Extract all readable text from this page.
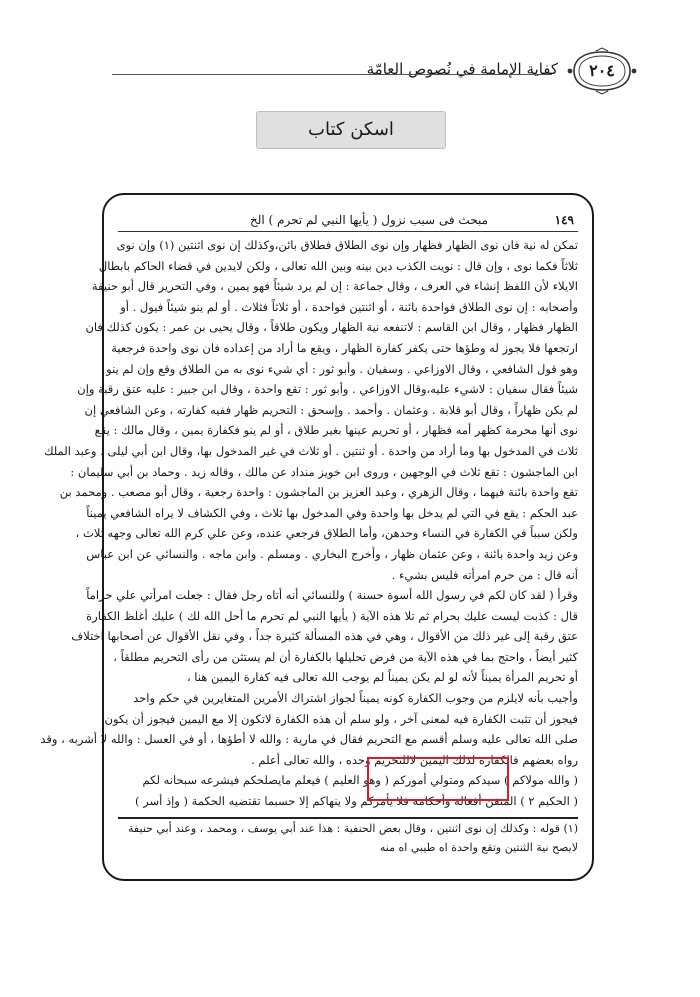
كفاية الإمامة في نُصوص العامّة	٢٠٤
اسكن كتاب
١٤٩
مبحث فى سبب نزول ( يأيها النبي لم تحرم ) الخ
تمكن له نية فان نوى الظهار فظهار وإن نوى الطلاق فطلاق بائن،وكذلك إن نوى اثنتين (١) وإن نوى
ثلاثاً فكما نوى ، وإن قال : نويت الكذب دين بينه وبين الله تعالى ، ولكن لايدين في قضاء الحاكم بابطال
الايلاء لأن اللفظ إنشاء في العرف ، وقال جماعة : إن لم يرد شيئاً فهو يمين ، وفي التحرير قال أبو حنيفة
وأصحابه : إن نوى الطلاق فواحدة بائنة ، أو اثنتين فواحدة ، أو ثلاثاً فثلاث . أو لم ينو شيئاً فيول . أو
الظهار فظهار ، وقال ابن القاسم : لاتنفعه نية الظهار ويكون طلاقاً ، وقال يحيى بن عمر : يكون كذلك فان
ارتجعها فلا يجوز له وطؤها حتى يكفر كفارة الظهار ، ويقع ما أراد من إعداده فان نوى واحدة فرجعية
وهو قول الشافعي ، وقال الاوزاعي . وسفيان . وأبو ثور : أي شيء نوى به من الطلاق وقع وإن لم ينو
شيئاً فقال سفيان : لاشيء عليه،وقال الاوزاعي . وأبو ثور : تقع واحدة ، وقال ابن جبير : عليه عتق رقبة وإن
لم يكن ظهاراً ، وقال أبو قلابة . وعثمان . وأحمد . وإسحق : التحريم ظهار ففيه كفارته ، وعن الشافعي إن
نوى أنها محرمة كظهر أمه فظهار ، أو تحريم عينها بغير طلاق ، أو لم ينو فكفارة يمين ، وقال مالك : يقع
ثلاث في المدخول بها وما أراد من واحدة . أو ثنتين . أو ثلاث في غير المدخول بها، وقال ابن أبي ليلى . وعبد الملك
ابن الماجشون : تقع ثلاث في الوجهين ، وروى ابن خويز منداد عن مالك ، وقاله زيد . وحماد بن أبي سليمان :
تقع واحدة بائنة فيهما ، وقال الزهري ، وعبد العزيز بن الماجشون : واحدة رجعية ، وقال أبو مصعب . ومحمد بن
عبد الحكم : يقع في التي لم يدخل بها واحدة وفي المدخول بها ثلاث ، وفي الكشاف لا يراه الشافعي يميناً
ولكن سبباً في الكفارة في النساء وحدهن، وأما الطلاق فرجعي عنده، وعن علي كرم الله تعالى وجهه ثلاث ،
وعن زيد واحدة بائنة ، وعن عثمان ظهار ، وأخرج البخاري . ومسلم . وابن ماجه . والنسائي عن ابن عباس
أنه قال : من حرم امرأته فليس بشيء .
وقرأ ( لقد كان لكم في رسول الله أسوة حسنة ) وللنسائي أنه أتاه رجل فقال : جعلت امرأتي علي حراماً
قال : كذبت ليست عليك بحرام ثم تلا هذه الآية ( يأيها النبي لم تحرم ما أحل الله لك ) عليك أغلظ الكفارة
عتق رقبة إلى غير ذلك من الأقوال ، وهي في هذه المسألة كثيرة جداً ، وفي نقل الأقوال عن أصحابها اختلاف
كثير أيضاً ، واحتج بما في هذه الآية من فرض تحليلها بالكفارة أن لم يستثن من رأى التحريم مطلقاً ،
أو تحريم المرأة يميناً لأنه لو لم يكن يميناً لم يوجب الله تعالى فيه كفارة اليمين هنا ،
وأجيب بأنه لايلزم من وجوب الكفارة كونه يميناً لجواز اشتراك الأمرين المتغايرين في حكم واحد
فيجوز أن تثبت الكفارة فيه لمعنى آخر ، ولو سلم أن هذه الكفارة لاتكون إلا مع اليمين فيجوز أن يكون
صلى الله تعالى عليه وسلم أقسم مع التحريم فقال في مارية : والله لا أطؤها ، أو في العسل : والله لا أشربه ، وقد
رواه بعضهم فالكفارة لذلك اليمين لاللتحريم وحده ، والله تعالى أعلم .
( والله مولاكم ) سيدكم ومتولي أموركم ( وهو العليم ) فيعلم مايصلحكم فيشرعه سبحانه لكم
( الحكيم ٢ ) المتقن أفعاله وأحكامه فلا يأمركم ولا ينهاكم إلا حسبما تقتضيه الحكمة ( وإذ أسر )
(١) قوله : وكذلك إن نوى اثنتين ، وقال بعض الحنفية : هذا عند أبي يوسف ، ومحمد ، وعند أبي حنيفة
لايصح نية الثنتين وتقع واحدة اه طيبي اه منه
